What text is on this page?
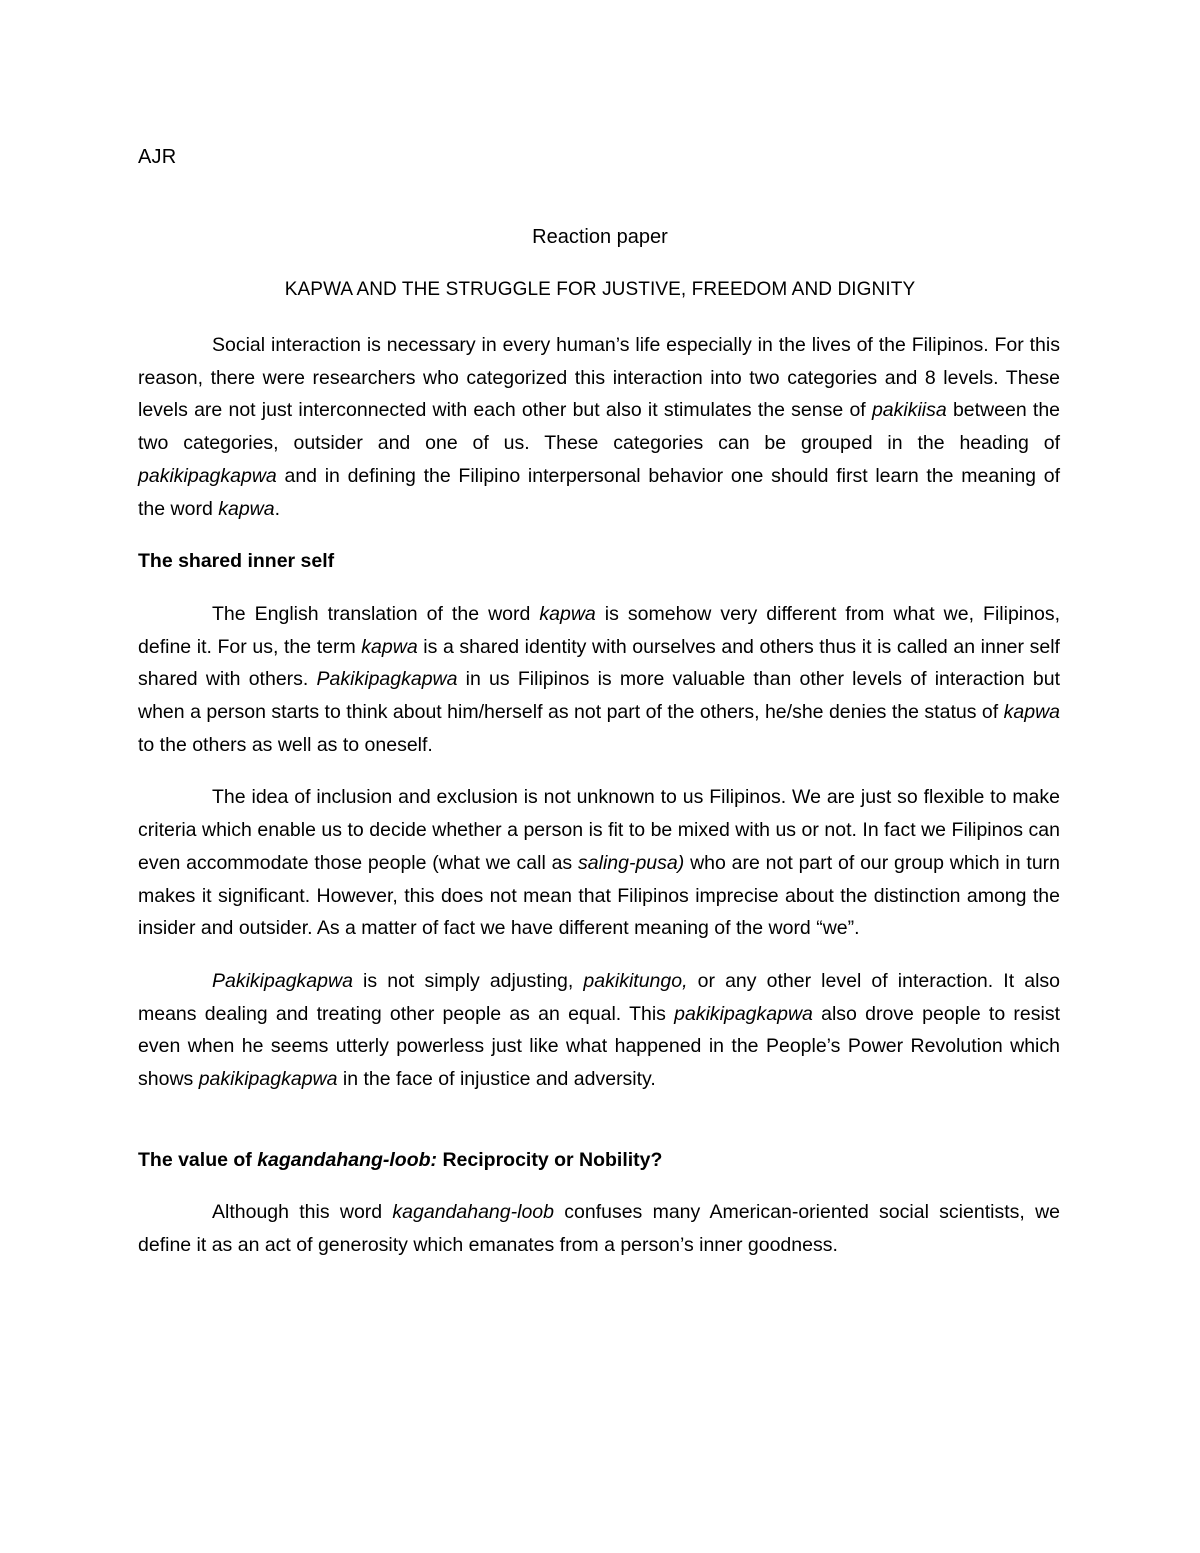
AJR
Reaction paper
KAPWA AND THE STRUGGLE FOR JUSTIVE, FREEDOM AND DIGNITY

Social interaction is necessary in every human’s life especially in the lives of the Filipinos. For this reason, there were researchers who categorized this interaction into two categories and 8 levels. These levels are not just interconnected with each other but also it stimulates the sense of pakikiisa between the two categories, outsider and one of us. These categories can be grouped in the heading of pakikipagkapwa and in defining the Filipino interpersonal behavior one should first learn the meaning of the word kapwa.

The shared inner self

The English translation of the word kapwa is somehow very different from what we, Filipinos, define it. For us, the term kapwa is a shared identity with ourselves and others thus it is called an inner self shared with others. Pakikipagkapwa in us Filipinos is more valuable than other levels of interaction but when a person starts to think about him/herself as not part of the others, he/she denies the status of kapwa to the others as well as to oneself.

The idea of inclusion and exclusion is not unknown to us Filipinos. We are just so flexible to make criteria which enable us to decide whether a person is fit to be mixed with us or not. In fact we Filipinos can even accommodate those people (what we call as saling-pusa) who are not part of our group which in turn makes it significant. However, this does not mean that Filipinos imprecise about the distinction among the insider and outsider. As a matter of fact we have different meaning of the word “we”.

Pakikipagkapwa is not simply adjusting, pakikitungo, or any other level of interaction. It also means dealing and treating other people as an equal. This pakikipagkapwa also drove people to resist even when he seems utterly powerless just like what happened in the People’s Power Revolution which shows pakikipagkapwa in the face of injustice and adversity.

The value of kagandahang-loob: Reciprocity or Nobility?

Although this word kagandahang-loob confuses many American-oriented social scientists, we define it as an act of generosity which emanates from a person’s inner goodness.
